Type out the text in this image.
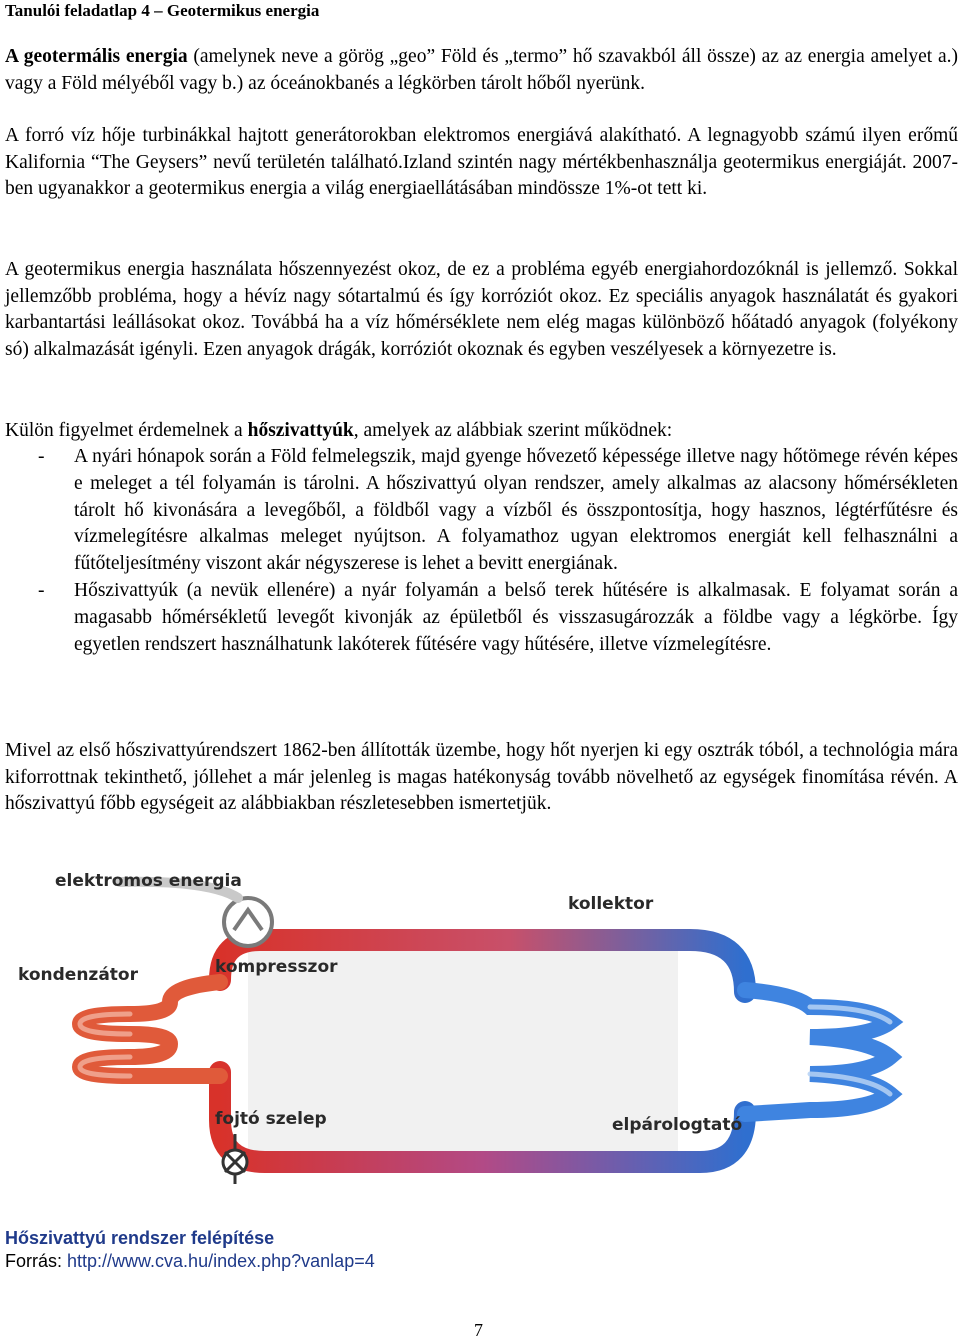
Tanulói feladatlap 4 – Geotermikus energia

A geotermális energia (amelynek neve a görög „geo” Föld és „termo” hő szavakból áll össze) az az energia amelyet a.) vagy a Föld mélyéből vagy b.) az óceánokbanés a légkörben tárolt hőből nyerünk.

A forró víz hője turbinákkal hajtott generátorokban elektromos energiává alakítható. A legnagyobb számú ilyen erőmű Kalifornia “The Geysers” nevű területén található.Izland szintén nagy mértékbenhasználja geotermikus energiáját. 2007-ben ugyanakkor a geotermikus energia a világ energiaellátásában mindössze 1%-ot tett ki.

A geotermikus energia használata hőszennyezést okoz, de ez a probléma egyéb energiahordozóknál is jellemző. Sokkal jellemzőbb probléma, hogy a hévíz nagy sótartalmú és így korróziót okoz. Ez speciális anyagok használatát és gyakori karbantartási leállásokat okoz. Továbbá ha a víz hőmérséklete nem elég magas különböző hőátadó anyagok (folyékony só) alkalmazását igényli. Ezen anyagok drágák, korróziót okoznak és egyben veszélyesek a környezetre is.

Külön figyelmet érdemelnek a hőszivattyúk, amelyek az alábbiak szerint működnek:

- A nyári hónapok során a Föld felmelegszik, majd gyenge hővezető képessége illetve nagy hőtömege révén képes e meleget a tél folyamán is tárolni. A hőszivattyú olyan rendszer, amely alkalmas az alacsony hőmérsékleten tárolt hő kivonására a levegőből, a földből vagy a vízből és összpontosítja, hogy hasznos, légtérfűtésre és vízmelegítésre alkalmas meleget nyújtson. A folyamathoz ugyan elektromos energiát kell felhasználni a fűtőteljesítmény viszont akár négyszerese is lehet a bevitt energiának.
- Hőszivattyúk (a nevük ellenére) a nyár folyamán a belső terek hűtésére is alkalmasak. E folyamat során a magasabb hőmérsékletű levegőt kivonják az épületből és visszasugározzák a földbe vagy a légkörbe. Így egyetlen rendszert használhatunk lakóterek fűtésére vagy hűtésére, illetve vízmelegítésre.

Mivel az első hőszivattyúrendszert 1862-ben állították üzembe, hogy hőt nyerjen ki egy osztrák tóból, a technológia mára kiforrottnak tekinthető, jóllehet a már jelenleg is magas hatékonyság tovább növelhető az egységek finomítása révén. A hőszivattyú főbb egységeit az alábbiakban részletesebben ismertetjük.

elektromos energia
kollektor
kondenzátor	kompresszor
fojtó szelep	elpárologtató
Hőszivattyú rendszer felépítése
Forrás: http://www.cva.hu/index.php?vanlap=4
7
